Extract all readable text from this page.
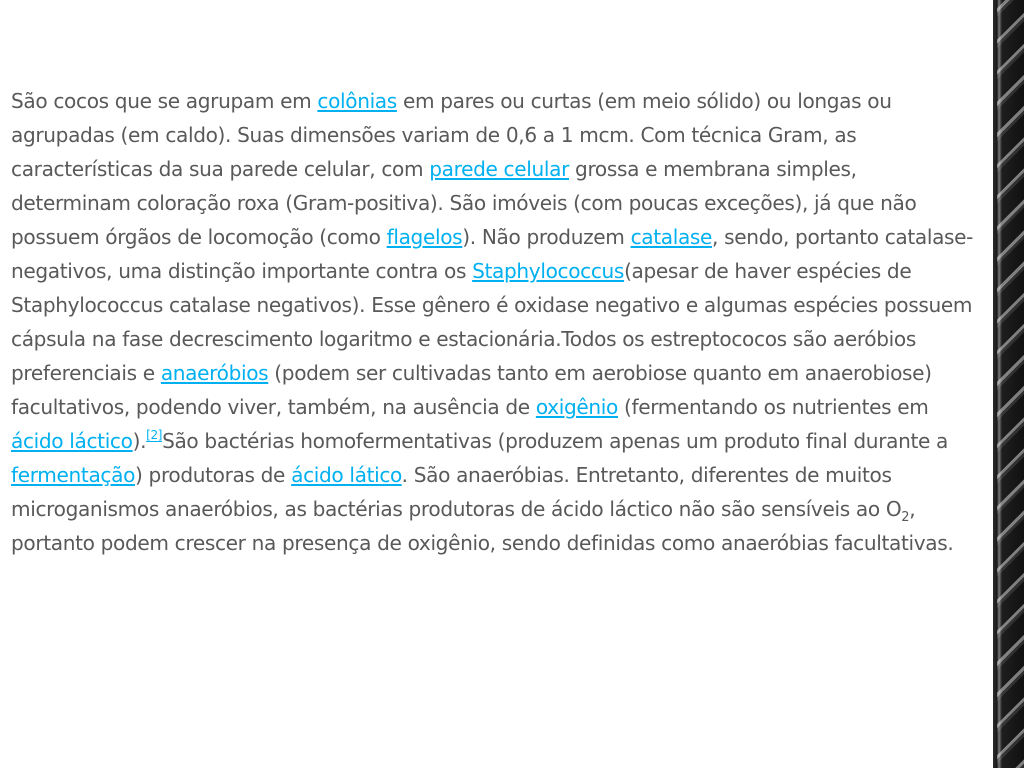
São cocos que se agrupam em colônias em pares ou curtas (em meio sólido) ou longas ou agrupadas (em caldo). Suas dimensões variam de 0,6 a 1 mcm. Com técnica Gram, as características da sua parede celular, com parede celular grossa e membrana simples, determinam coloração roxa (Gram-positiva). São imóveis (com poucas exceções), já que não possuem órgãos de locomoção (como flagelos). Não produzem catalase, sendo, portanto catalase-negativos, uma distinção importante contra os Staphylococcus(apesar de haver espécies de Staphylococcus catalase negativos). Esse gênero é oxidase negativo e algumas espécies possuem cápsula na fase decrescimento logaritmo e estacionária.Todos os estreptococos são aeróbios preferenciais e anaeróbios (podem ser cultivadas tanto em aerobiose quanto em anaerobiose) facultativos, podendo viver, também, na ausência de oxigênio (fermentando os nutrientes em ácido láctico).[2]São bactérias homofermentativas (produzem apenas um produto final durante a fermentação) produtoras de ácido lático. São anaeróbias. Entretanto, diferentes de muitos microganismos anaeróbios, as bactérias produtoras de ácido láctico não são sensíveis ao $O_2$, portanto podem crescer na presença de oxigênio, sendo definidas como anaeróbias facultativas.
